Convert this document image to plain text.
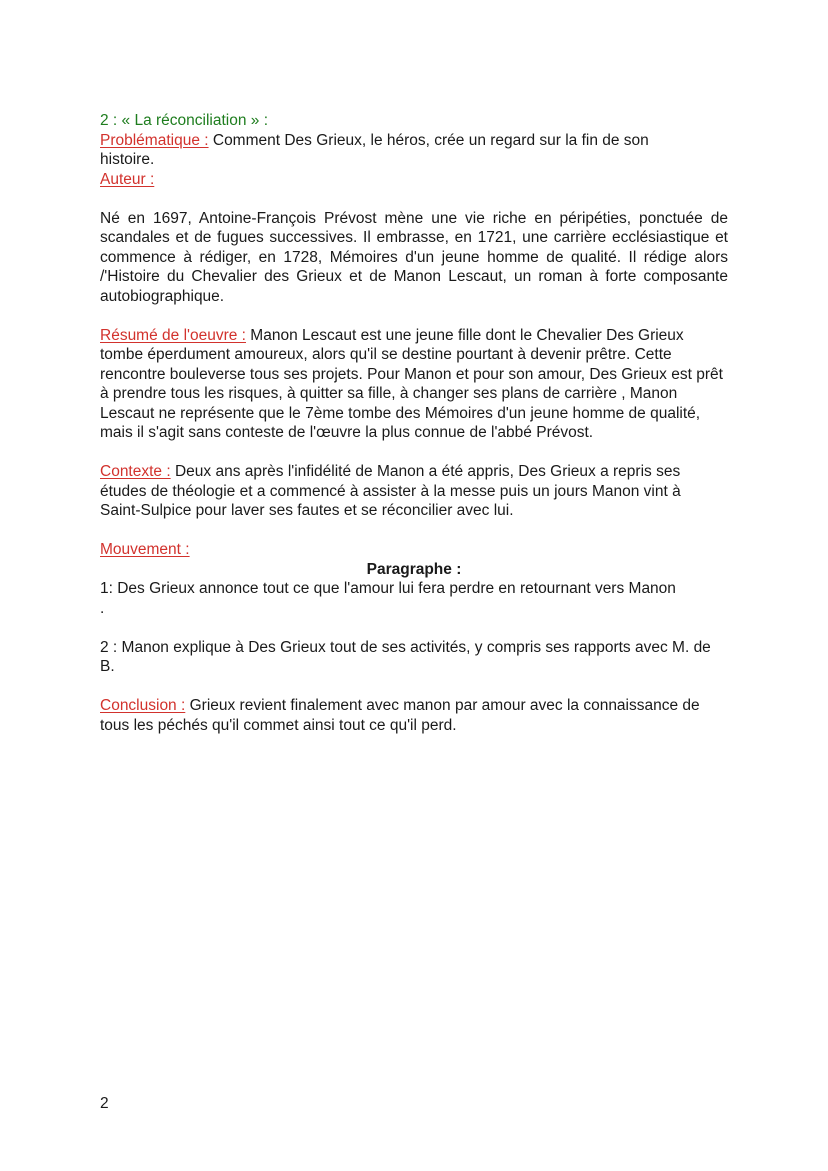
2 : « La réconciliation » :

Problématique : Comment Des Grieux, le héros, crée un regard sur la fin de son histoire.

Auteur :

Né en 1697, Antoine-François Prévost mène une vie riche en péripéties, ponctuée de scandales et de fugues successives. Il embrasse, en 1721, une carrière ecclésiastique et commence à rédiger, en 1728, Mémoires d'un jeune homme de qualité. Il rédige alors /'Histoire du Chevalier des Grieux et de Manon Lescaut, un roman à forte composante autobiographique.

Résumé de l'oeuvre : Manon Lescaut est une jeune fille dont le Chevalier Des Grieux tombe éperdument amoureux, alors qu'il se destine pourtant à devenir prêtre. Cette rencontre bouleverse tous ses projets. Pour Manon et pour son amour, Des Grieux est prêt à prendre tous les risques, à quitter sa fille, à changer ses plans de carrière , Manon Lescaut ne représente que le 7ème tombe des Mémoires d'un jeune homme de qualité, mais il s'agit sans conteste de l'œuvre la plus connue de l'abbé Prévost.

Contexte : Deux ans après l'infidélité de Manon a été appris, Des Grieux a repris ses études de théologie et a commencé à assister à la messe puis un jours Manon vint à Saint-Sulpice pour laver ses fautes et se réconcilier avec lui.

Mouvement :

Paragraphe :

1: Des Grieux annonce tout ce que l'amour lui fera perdre en retournant vers Manon .

2 : Manon explique à Des Grieux tout de ses activités, y compris ses rapports avec M. de B.

Conclusion : Grieux revient finalement avec manon par amour avec la connaissance de tous les péchés qu'il commet ainsi tout ce qu'il perd.

2
